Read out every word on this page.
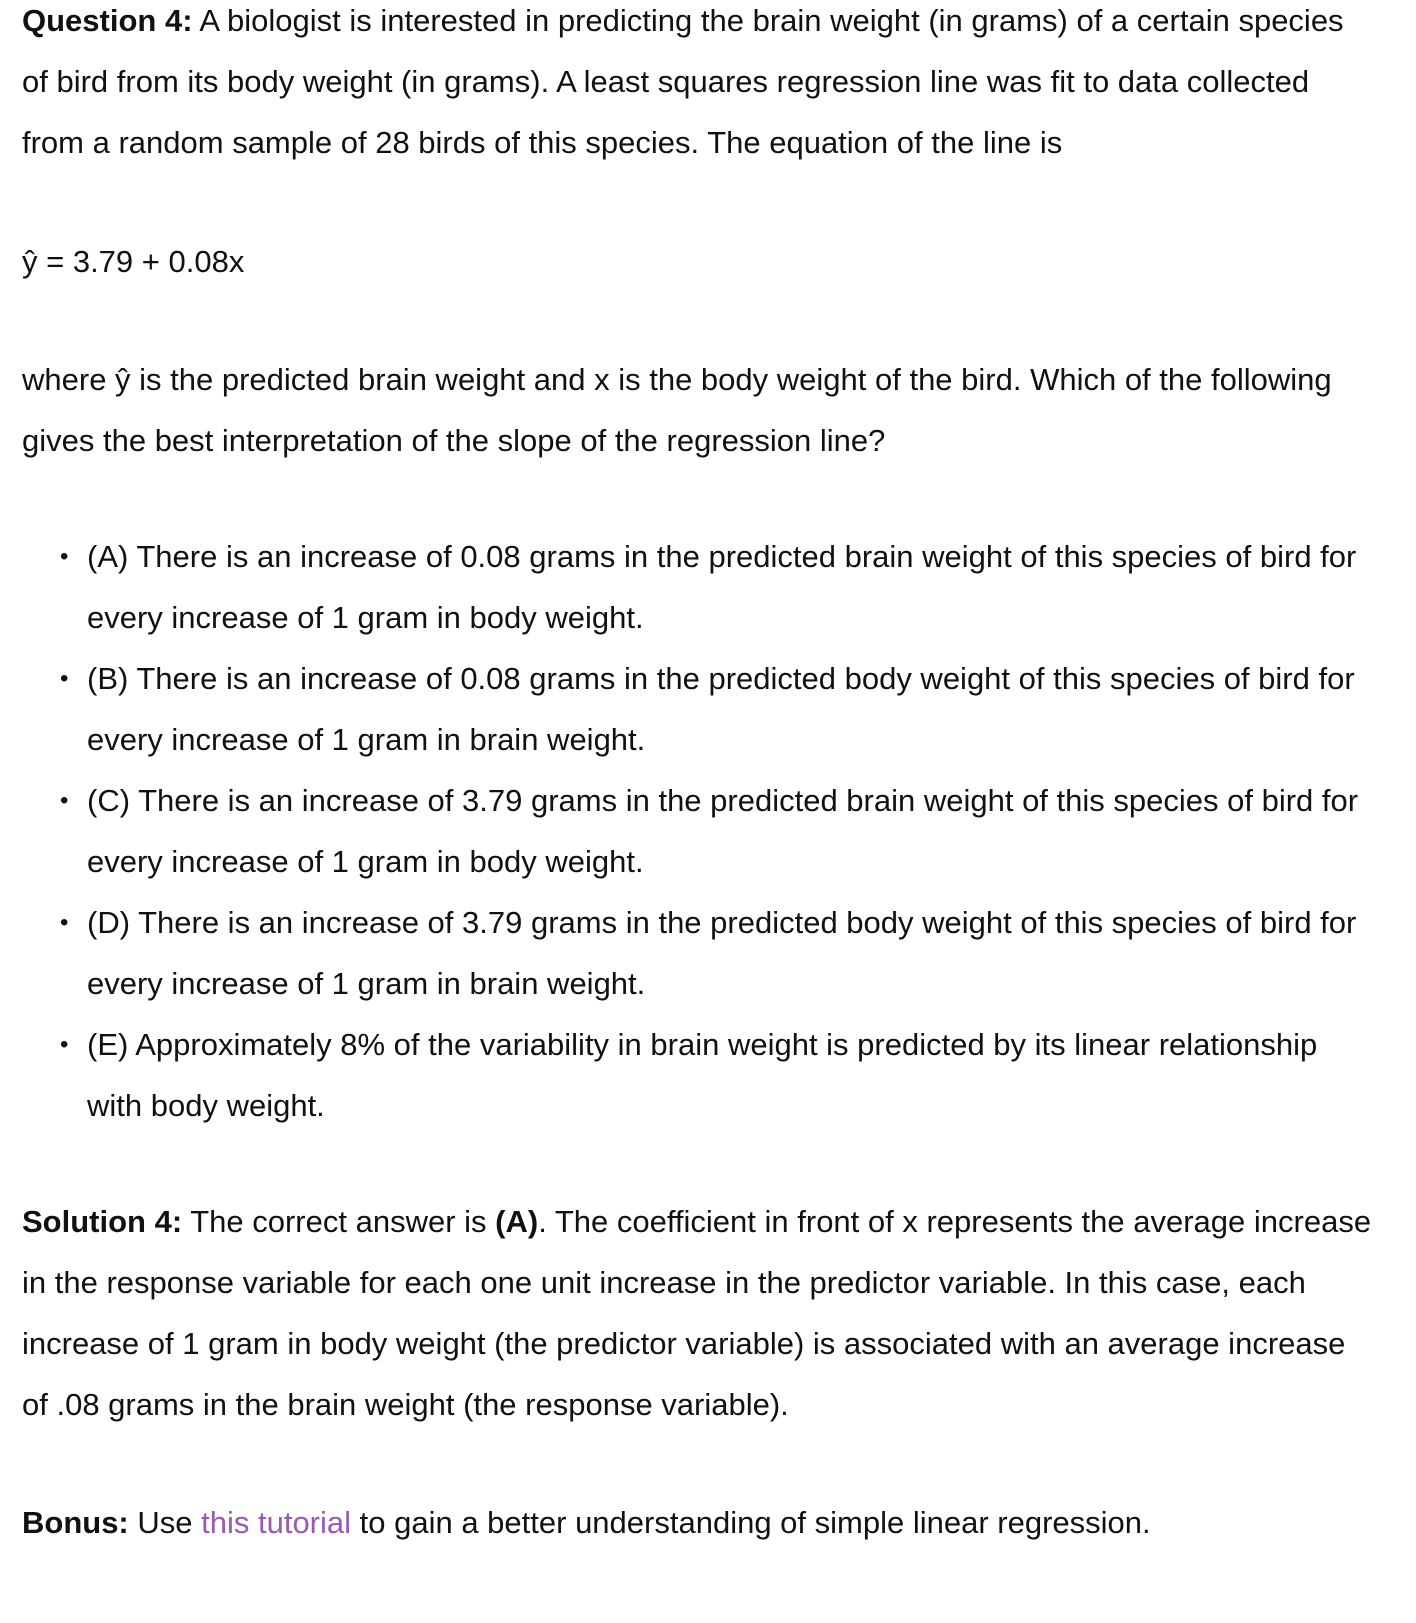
Question 4: A biologist is interested in predicting the brain weight (in grams) of a certain species of bird from its body weight (in grams). A least squares regression line was fit to data collected from a random sample of 28 birds of this species. The equation of the line is

ŷ = 3.79 + 0.08x

where ŷ is the predicted brain weight and x is the body weight of the bird. Which of the following gives the best interpretation of the slope of the regression line?

• (A) There is an increase of 0.08 grams in the predicted brain weight of this species of bird for every increase of 1 gram in body weight.
• (B) There is an increase of 0.08 grams in the predicted body weight of this species of bird for every increase of 1 gram in brain weight.
• (C) There is an increase of 3.79 grams in the predicted brain weight of this species of bird for every increase of 1 gram in body weight.
• (D) There is an increase of 3.79 grams in the predicted body weight of this species of bird for every increase of 1 gram in brain weight.
• (E) Approximately 8% of the variability in brain weight is predicted by its linear relationship with body weight.

Solution 4: The correct answer is (A). The coefficient in front of x represents the average increase in the response variable for each one unit increase in the predictor variable. In this case, each increase of 1 gram in body weight (the predictor variable) is associated with an average increase of .08 grams in the brain weight (the response variable).

Bonus: Use this tutorial to gain a better understanding of simple linear regression.
